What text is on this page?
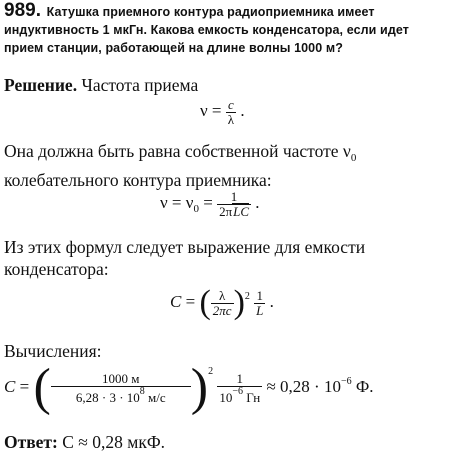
989. Катушка приемного контура радиоприемника имеет индуктивность 1 мкГн. Какова емкость конденсатора, если идет прием станции, работающей на длине волны 1000 м?
Решение. Частота приема
$\nu = \frac{c}{\lambda}$ .
Она должна быть равна собственной частоте $\nu_0$ колебательного контура приемника:
$\nu = \nu_0$ =	1
2πLC .
Из этих формул следует выражение для емкости конденсатора:
C = ( $\frac{\lambda}{2\pi c} )^2 \frac{1}{L}$ .
Вычисления:
C = (	1000 м
$6,28 \cdot 3 \cdot 10^8$ м/с )$^2$	1
$10^{-6}$ Гн
≈ $0,28 \cdot 10^{-6}$ Ф.
Ответ: C ≈ 0,28 мкФ.
